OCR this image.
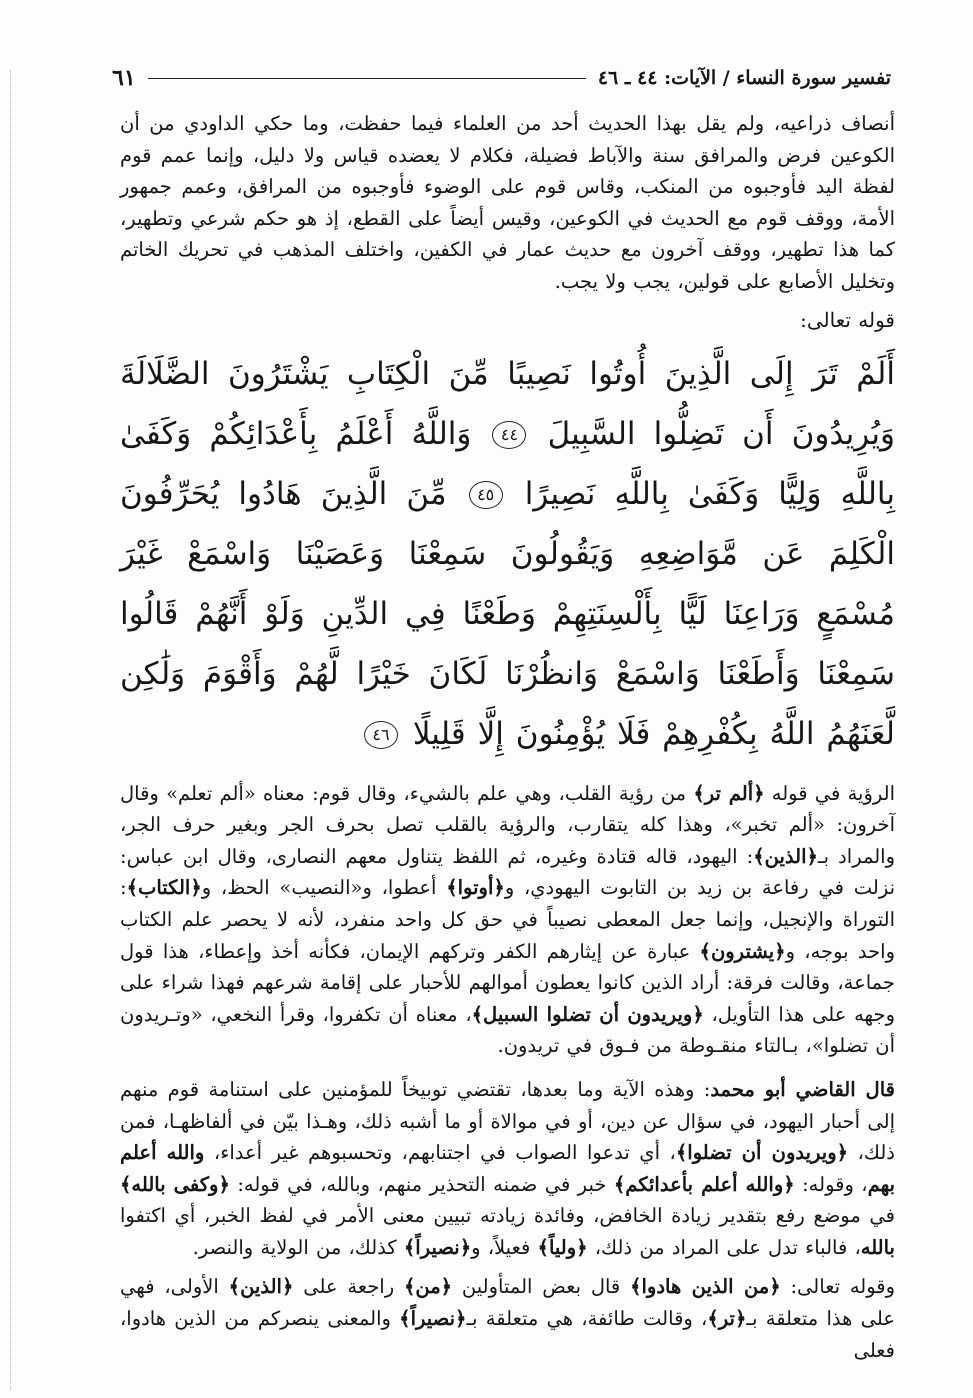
تفسير سورة النساء / الآيات: ٤٤ ـ ٤٦
٦١

أنصاف ذراعيه، ولم يقل بهذا الحديث أحد من العلماء فيما حفظت، وما حكي الداودي من أن الكوعين فرض والمرافق سنة والآباط فضيلة، فكلام لا يعضده قياس ولا دليل، وإنما عمم قوم لفظة اليد فأوجبوه من المنكب، وقاس قوم على الوضوء فأوجبوه من المرافق، وعمم جمهور الأمة، ووقف قوم مع الحديث في الكوعين، وقيس أيضاً على القطع، إذ هو حكم شرعي وتطهير، كما هذا تطهير، ووقف آخرون مع حديث عمار في الكفين، واختلف المذهب في تحريك الخاتم وتخليل الأصابع على قولين، يجب ولا يجب.

قوله تعالى:

أَلَمْ تَرَ إِلَى الَّذِينَ أُوتُوا نَصِيبًا مِّنَ الْكِتَابِ يَشْتَرُونَ الضَّلَالَةَ وَيُرِيدُونَ أَن تَضِلُّوا السَّبِيلَ ٤٤ وَاللَّهُ أَعْلَمُ بِأَعْدَائِكُمْ وَكَفَىٰ بِاللَّهِ وَلِيًّا وَكَفَىٰ بِاللَّهِ نَصِيرًا ٤٥ مِّنَ الَّذِينَ هَادُوا يُحَرِّفُونَ الْكَلِمَ عَن مَّوَاضِعِهِ وَيَقُولُونَ سَمِعْنَا وَعَصَيْنَا وَاسْمَعْ غَيْرَ مُسْمَعٍ وَرَاعِنَا لَيًّا بِأَلْسِنَتِهِمْ وَطَعْنًا فِي الدِّينِ وَلَوْ أَنَّهُمْ قَالُوا سَمِعْنَا وَأَطَعْنَا وَاسْمَعْ وَانظُرْنَا لَكَانَ خَيْرًا لَّهُمْ وَأَقْوَمَ وَلَٰكِن لَّعَنَهُمُ اللَّهُ بِكُفْرِهِمْ فَلَا يُؤْمِنُونَ إِلَّا قَلِيلًا ٤٦

الرؤية في قوله ﴿ألم تر﴾ من رؤية القلب، وهي علم بالشيء، وقال قوم: معناه «ألم تعلم» وقال آخرون: «ألم تخبر»، وهذا كله يتقارب، والرؤية بالقلب تصل بحرف الجر وبغير حرف الجر، والمراد بـ﴿الذين﴾: اليهود، قاله قتادة وغيره، ثم اللفظ يتناول معهم النصارى، وقال ابن عباس: نزلت في رفاعة بن زيد بن التابوت اليهودي، و﴿أوتوا﴾ أعطوا، و«النصيب» الحظ، و﴿الكتاب﴾: التوراة والإنجيل، وإنما جعل المعطى نصيباً في حق كل واحد منفرد، لأنه لا يحصر علم الكتاب واحد بوجه، و﴿يشترون﴾ عبارة عن إيثارهم الكفر وتركهم الإيمان، فكأنه أخذ وإعطاء، هذا قول جماعة، وقالت فرقة: أراد الذين كانوا يعطون أموالهم للأحبار على إقامة شرعهم فهذا شراء على وجهه على هذا التأويل، ﴿ويريدون أن تضلوا السبيل﴾، معناه أن تكفروا، وقرأ النخعي، «وتـريدون أن تضلوا»، بـالتاء منقـوطة من فـوق في تريدون.

قال القاضي أبو محمد: وهذه الآية وما بعدها، تقتضي توبيخاً للمؤمنين على استنامة قوم منهم إلى أحبار اليهود، في سؤال عن دين، أو في موالاة أو ما أشبه ذلك، وهـذا بيّن في ألفاظهـا، فمن ذلك، ﴿ويريدون أن تضلوا﴾، أي تدعوا الصواب في اجتنابهم، وتحسبوهم غير أعداء، والله أعلم بهم، وقوله: ﴿والله أعلم بأعدائكم﴾ خبر في ضمنه التحذير منهم، وبالله، في قوله: ﴿وكفى بالله﴾ في موضع رفع بتقدير زيادة الخافض، وفائدة زيادته تبيين معنى الأمر في لفظ الخبر، أي اكتفوا بالله، فالباء تدل على المراد من ذلك، ﴿ولياً﴾ فعيلاً، و﴿نصيراً﴾ كذلك، من الولاية والنصر.

وقوله تعالى: ﴿من الذين هادوا﴾ قال بعض المتأولين ﴿من﴾ راجعة على ﴿الذين﴾ الأولى، فهي على هذا متعلقة بـ﴿تر﴾، وقالت طائفة، هي متعلقة بـ﴿نصيراً﴾ والمعنى ينصركم من الذين هادوا، فعلى
